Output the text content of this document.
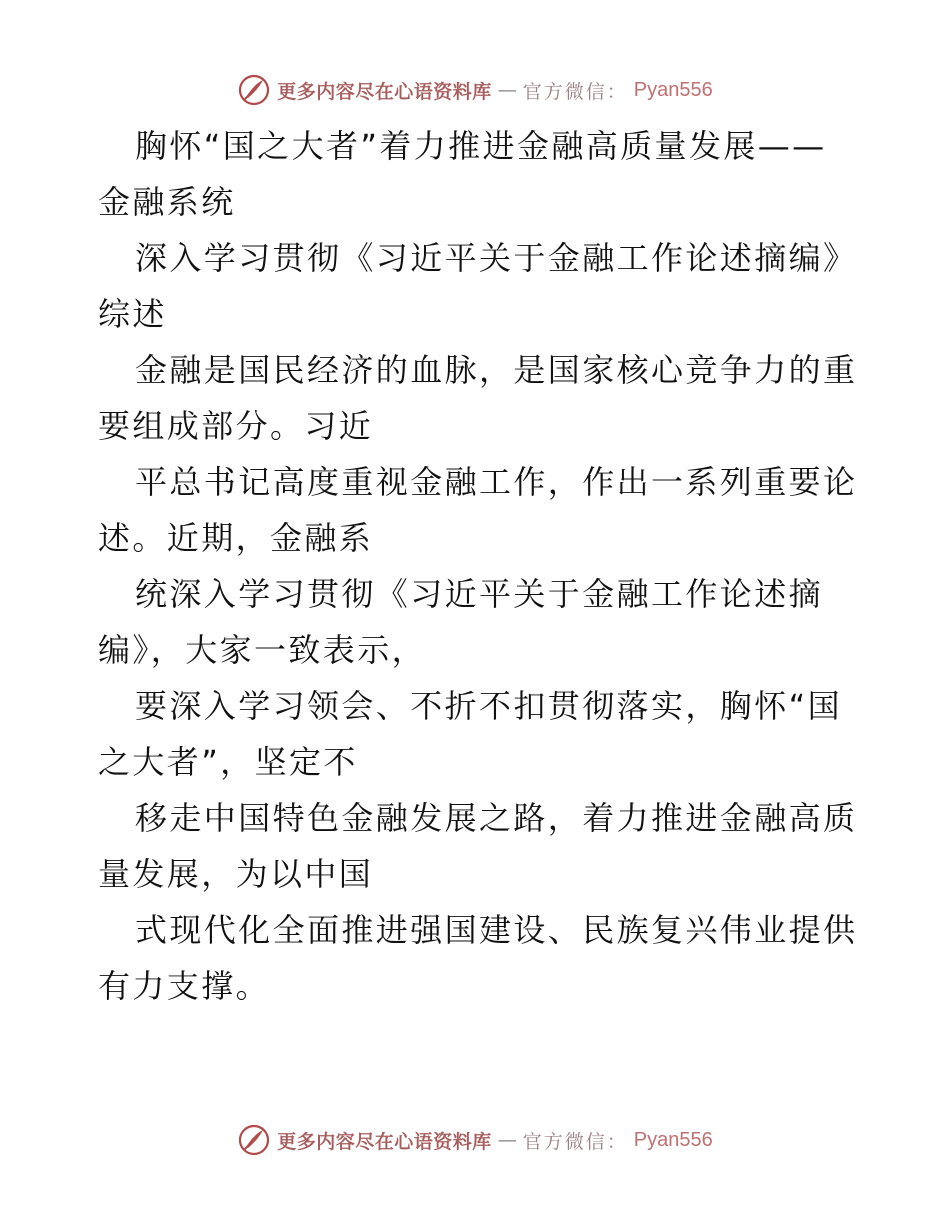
更多内容尽在心语资料库 — 官方微信： Pyan556
胸怀“国之大者”着力推进金融高质量发展——
金融系统
深入学习贯彻《习近平关于金融工作论述摘编》
综述
金融是国民经济的血脉，是国家核心竞争力的重
要组成部分。习近
平总书记高度重视金融工作，作出一系列重要论
述。近期，金融系
统深入学习贯彻《习近平关于金融工作论述摘
编》，大家一致表示，
要深入学习领会、不折不扣贯彻落实，胸怀“国
之大者”，坚定不
移走中国特色金融发展之路，着力推进金融高质
量发展，为以中国
式现代化全面推进强国建设、民族复兴伟业提供
有力支撑。
更多内容尽在心语资料库 — 官方微信： Pyan556
